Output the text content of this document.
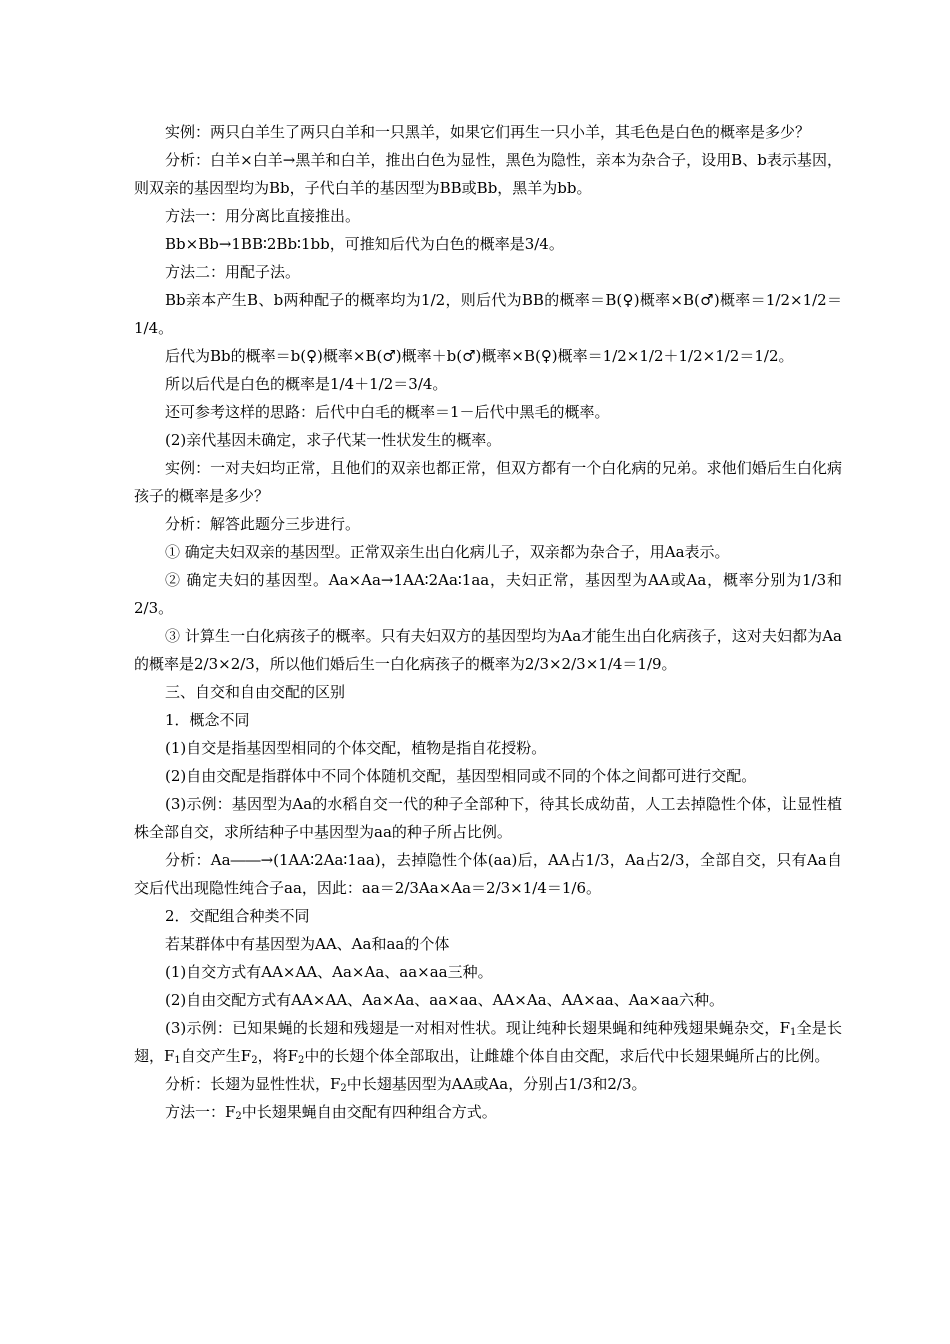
实例：两只白羊生了两只白羊和一只黑羊，如果它们再生一只小羊，其毛色是白色的概率是多少？

分析：白羊×白羊→黑羊和白羊，推出白色为显性，黑色为隐性，亲本为杂合子，设用B、b表示基因，则双亲的基因型均为Bb，子代白羊的基因型为BB或Bb，黑羊为bb。

方法一：用分离比直接推出。

Bb×Bb→1BB∶2Bb∶1bb，可推知后代为白色的概率是3/4。

方法二：用配子法。

Bb亲本产生B、b两种配子的概率均为1/2，则后代为BB的概率＝B(♀)概率×B(♂)概率＝1/2×1/2＝1/4。

后代为Bb的概率＝b(♀)概率×B(♂)概率＋b(♂)概率×B(♀)概率＝1/2×1/2＋1/2×1/2＝1/2。

所以后代是白色的概率是1/4＋1/2＝3/4。

还可参考这样的思路：后代中白毛的概率＝1－后代中黑毛的概率。

(2)亲代基因未确定，求子代某一性状发生的概率。

实例：一对夫妇均正常，且他们的双亲也都正常，但双方都有一个白化病的兄弟。求他们婚后生白化病孩子的概率是多少？

分析：解答此题分三步进行。

① 确定夫妇双亲的基因型。正常双亲生出白化病儿子，双亲都为杂合子，用Aa表示。

② 确定夫妇的基因型。Aa×Aa→1AA∶2Aa∶1aa，夫妇正常，基因型为AA或Aa，概率分别为1/3和2/3。

③ 计算生一白化病孩子的概率。只有夫妇双方的基因型均为Aa才能生出白化病孩子，这对夫妇都为Aa的概率是2/3×2/3，所以他们婚后生一白化病孩子的概率为2/3×2/3×1/4＝1/9。

三、自交和自由交配的区别

1．概念不同

(1)自交是指基因型相同的个体交配，植物是指自花授粉。

(2)自由交配是指群体中不同个体随机交配，基因型相同或不同的个体之间都可进行交配。

(3)示例：基因型为Aa的水稻自交一代的种子全部种下，待其长成幼苗，人工去掉隐性个体，让显性植株全部自交，求所结种子中基因型为aa的种子所占比例。

分析：Aa――→(1AA∶2Aa∶1aa)，去掉隐性个体(aa)后，AA占1/3，Aa占2/3，全部自交，只有Aa自交后代出现隐性纯合子aa，因此：aa＝2/3Aa×Aa＝2/3×1/4＝1/6。

2．交配组合种类不同

若某群体中有基因型为AA、Aa和aa的个体

(1)自交方式有AA×AA、Aa×Aa、aa×aa三种。

(2)自由交配方式有AA×AA、Aa×Aa、aa×aa、AA×Aa、AA×aa、Aa×aa六种。

(3)示例：已知果蝇的长翅和残翅是一对相对性状。现让纯种长翅果蝇和纯种残翅果蝇杂交，$F_1$全是长翅，$F_1$自交产生$F_2$，将$F_2$中的长翅个体全部取出，让雌雄个体自由交配，求后代中长翅果蝇所占的比例。

分析：长翅为显性性状，$F_2$中长翅基因型为AA或Aa，分别占1/3和2/3。

方法一：$F_2$中长翅果蝇自由交配有四种组合方式。
